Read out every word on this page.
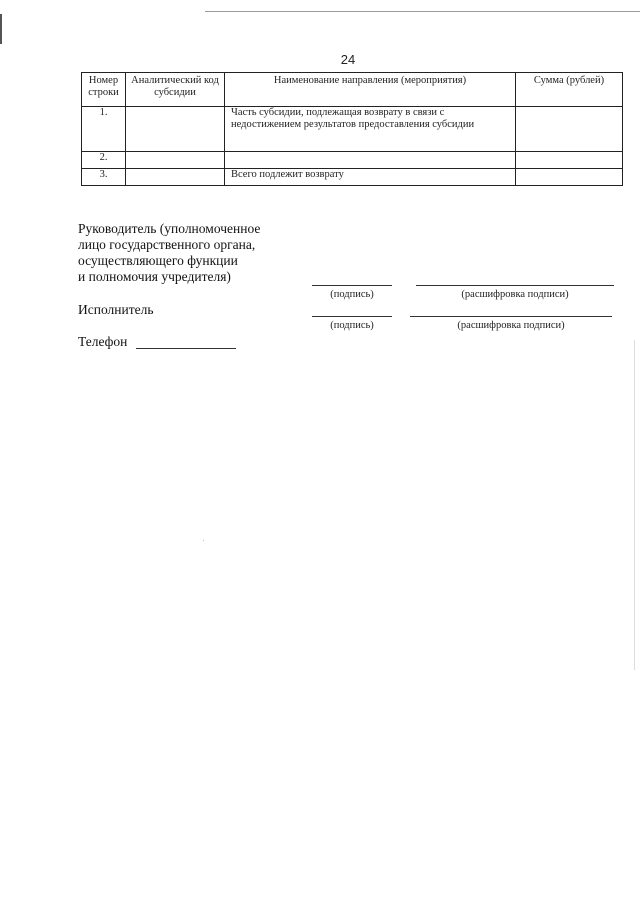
24
Номер строки	Аналитический код субсидии	Наименование направления (мероприятия)	Сумма (рублей)
1.		Часть субсидии, подлежащая возврату в связи с недостижением результатов предоставления субсидии	
2.			
3.		Всего подлежит возврату	
Руководитель (уполномоченное
лицо государственного органа,
осуществляющего функции
и полномочия учредителя)
(подпись)	(расшифровка подписи)
Исполнитель
(подпись)	(расшифровка подписи)
Телефон
